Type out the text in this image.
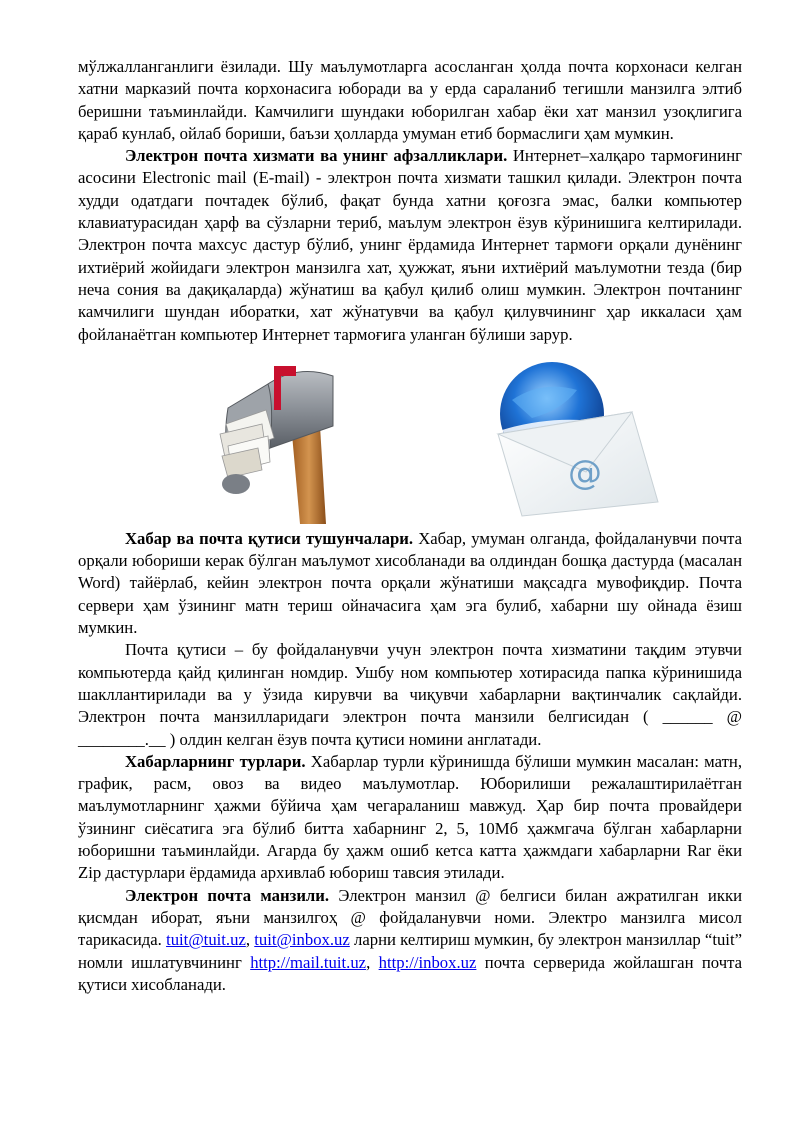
мўлжалланганлиги ёзилади. Шу маълумотларга асосланган ҳолда почта корхонаси келган хатни марказий почта корхонасига юборади ва у ерда сараланиб тегишли манзилга элтиб беришни таъминлайди. Камчилиги шундаки юборилган хабар ёки хат манзил узоқлигига қараб кунлаб, ойлаб бориши, баъзи ҳолларда умуман етиб бормаслиги ҳам мумкин.

Электрон почта хизмати ва унинг афзалликлари. Интернет–халқаро тармоғининг асосини Electronic mail (E-mail) - электрон почта хизмати ташкил қилади. Электрон почта худди одатдаги почтадек бўлиб, фақат бунда хатни қоғозга эмас, балки компьютер клавиатурасидан ҳарф ва сўзларни териб, маълум электрон ёзув кўринишига келтирилади. Электрон почта махсус дастур бўлиб, унинг ёрдамида Интернет тармоғи орқали дунёнинг ихтиёрий жойидаги электрон манзилга хат, ҳужжат, яъни ихтиёрий маълумотни тезда (бир неча сония ва дақиқаларда) жўнатиш ва қабул қилиб олиш мумкин. Электрон почтанинг камчилиги шундан иборатки, хат жўнатувчи ва қабул қилувчининг ҳар иккаласи ҳам фойланаётган компьютер Интернет тармоғига уланган бўлиши зарур.

@

Хабар ва почта қутиси тушунчалари. Хабар, умуман олганда, фойдаланувчи почта орқали юбориши керак бўлган маълумот хисобланади ва олдиндан бошқа дастурда (масалан Word) тайёрлаб, кейин электрон почта орқали жўнатиши мақсадга мувофиқдир. Почта сервери ҳам ўзининг матн териш ойначасига ҳам эга булиб, хабарни шу ойнада ёзиш мумкин.

Почта қутиси – бу фойдаланувчи учун электрон почта хизматини тақдим этувчи компьютерда қайд қилинган номдир. Ушбу ном компьютер хотирасида папка кўринишида шакллантирилади ва у ўзида кирувчи ва чиқувчи хабарларни вақтинчалик сақлайди. Электрон почта манзилларидаги электрон почта манзили белгисидан ( ______ @ ________.__ ) олдин келган ёзув почта қутиси номини англатади.

Хабарларнинг турлари. Хабарлар турли кўринишда бўлиши мумкин масалан: матн, график, расм, овоз ва видео маълумотлар. Юборилиши режалаштирилаётган маълумотларнинг ҳажми бўйича ҳам чегараланиш мавжуд. Ҳар бир почта провайдери ўзининг сиёсатига эга бўлиб битта хабарнинг 2, 5, 10Мб ҳажмгача бўлган хабарларни юборишни таъминлайди. Агарда бу ҳажм ошиб кетса катта ҳажмдаги хабарларни Rar ёки Zip дастурлари ёрдамида архивлаб юбориш тавсия этилади.

Электрон почта манзили. Электрон манзил @ белгиси билан ажратилган икки қисмдан иборат, яъни манзилгоҳ @ фойдаланувчи номи. Электро манзилга мисол тарикасида. tuit@tuit.uz, tuit@inbox.uz ларни келтириш мумкин, бу электрон манзиллар “tuit” номли ишлатувчининг http://mail.tuit.uz, http://inbox.uz почта серверида жойлашган почта қутиси хисобланади.
